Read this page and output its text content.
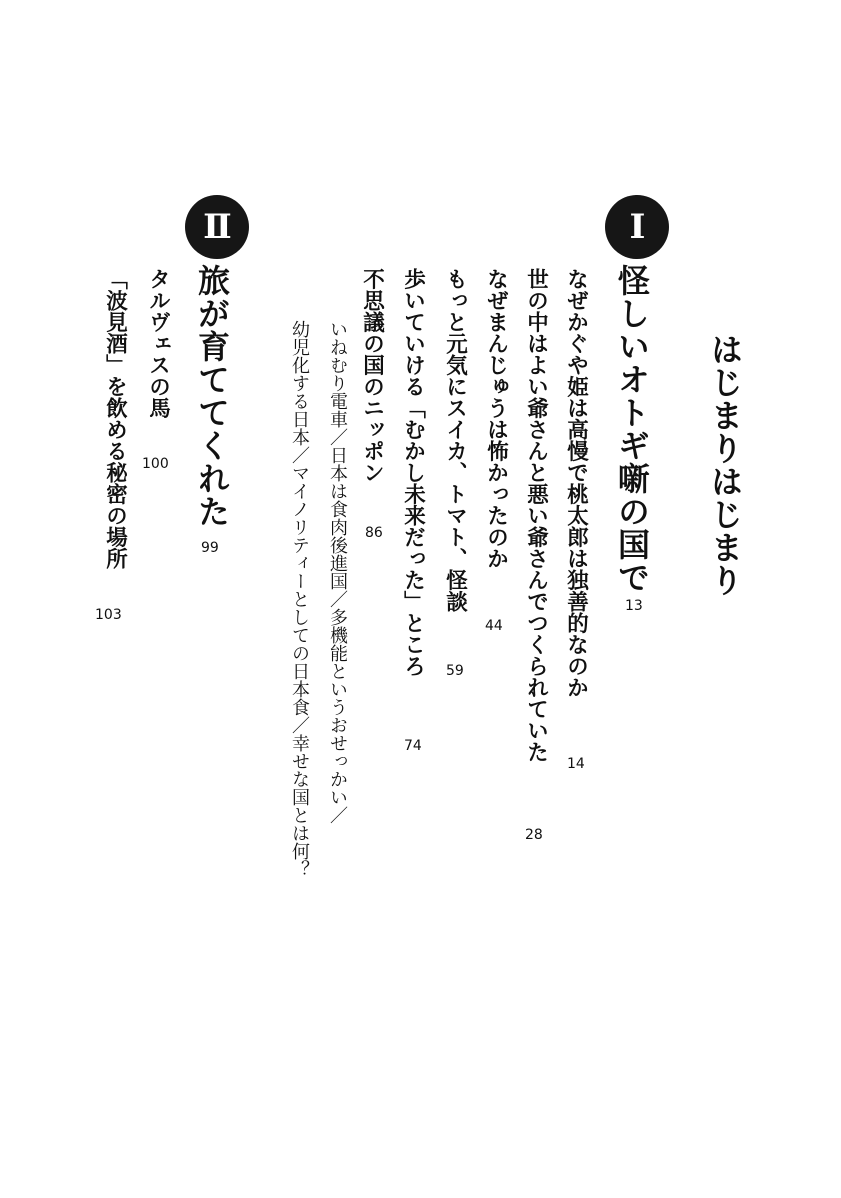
はじまりはじまり
Ⅰ
怪しいオトギ噺の国で
13
なぜかぐや姫は高慢で桃太郎は独善的なのか
14
世の中はよい爺さんと悪い爺さんでつくられていた
28
なぜまんじゅうは怖かったのか
44
もっと元気にスイカ、トマト、怪談
59
歩いていける「むかし未来だった」ところ
74
不思議の国のニッポン
86
いねむり電車／日本は食肉後進国／多機能というおせっかい／
幼児化する日本／マイノリティーとしての日本食／幸せな国とは何？
Ⅱ
旅が育ててくれた
99
タルヴェスの馬
100
「波見酒」を飲める秘密の場所
103
